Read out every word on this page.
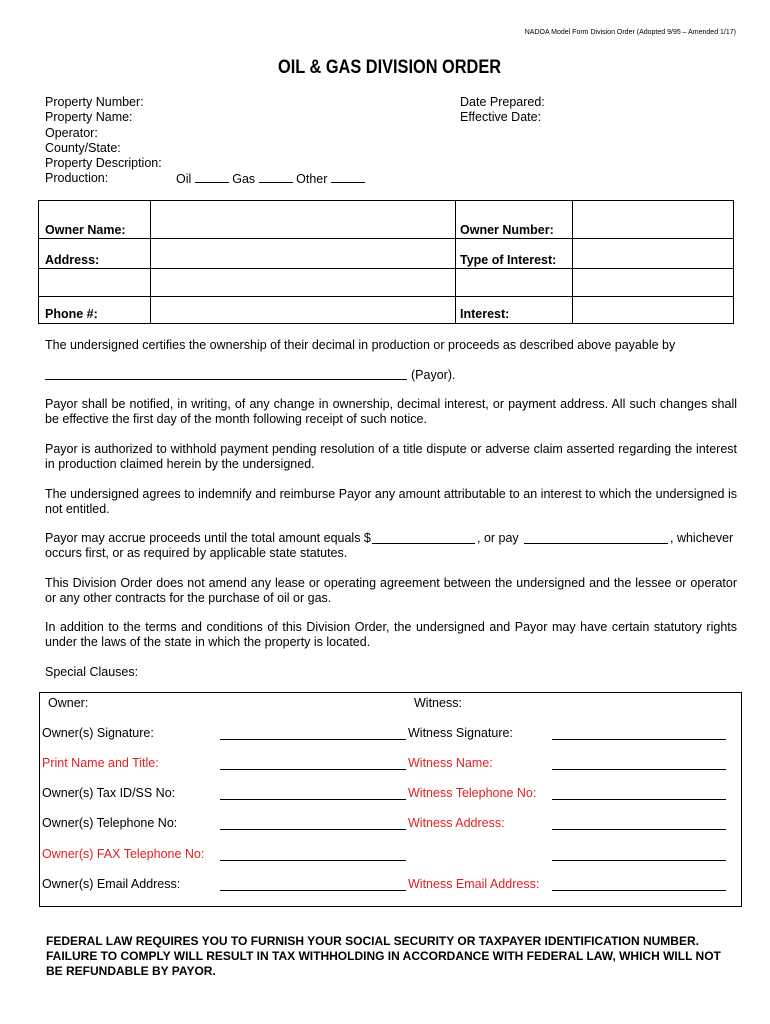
NADOA Model Form Division Order (Adopted 9/95 – Amended 1/17)
OIL & GAS DIVISION ORDER
Property Number:
Property Name:
Operator:
County/State:
Property Description:
Production:	Oil	Gas	Other
Date Prepared:
Effective Date:
Owner Name:	Owner Number:
Address:	Type of Interest:
Phone #:	Interest:
The undersigned certifies the ownership of their decimal in production or proceeds as described above payable by
(Payor).
Payor shall be notified, in writing, of any change in ownership, decimal interest, or payment address. All such changes shall be effective the first day of the month following receipt of such notice.
Payor is authorized to withhold payment pending resolution of a title dispute or adverse claim asserted regarding the interest in production claimed herein by the undersigned.
The undersigned agrees to indemnify and reimburse Payor any amount attributable to an interest to which the undersigned is not entitled.
Payor may accrue proceeds until the total amount equals $	, or pay	, whichever
occurs first, or as required by applicable state statutes.
This Division Order does not amend any lease or operating agreement between the undersigned and the lessee or operator or any other contracts for the purchase of oil or gas.
In addition to the terms and conditions of this Division Order, the undersigned and Payor may have certain statutory rights under the laws of the state in which the property is located.
Special Clauses:
Owner:	Witness:
Owner(s) Signature:	Witness Signature:
Print Name and Title:	Witness Name:
Owner(s) Tax ID/SS No:	Witness Telephone No:
Owner(s) Telephone No:	Witness Address:
Owner(s) FAX Telephone No:
Owner(s) Email Address:	Witness Email Address:
FEDERAL LAW REQUIRES YOU TO FURNISH YOUR SOCIAL SECURITY OR TAXPAYER IDENTIFICATION NUMBER. FAILURE TO COMPLY WILL RESULT IN TAX WITHHOLDING IN ACCORDANCE WITH FEDERAL LAW, WHICH WILL NOT BE REFUNDABLE BY PAYOR.
